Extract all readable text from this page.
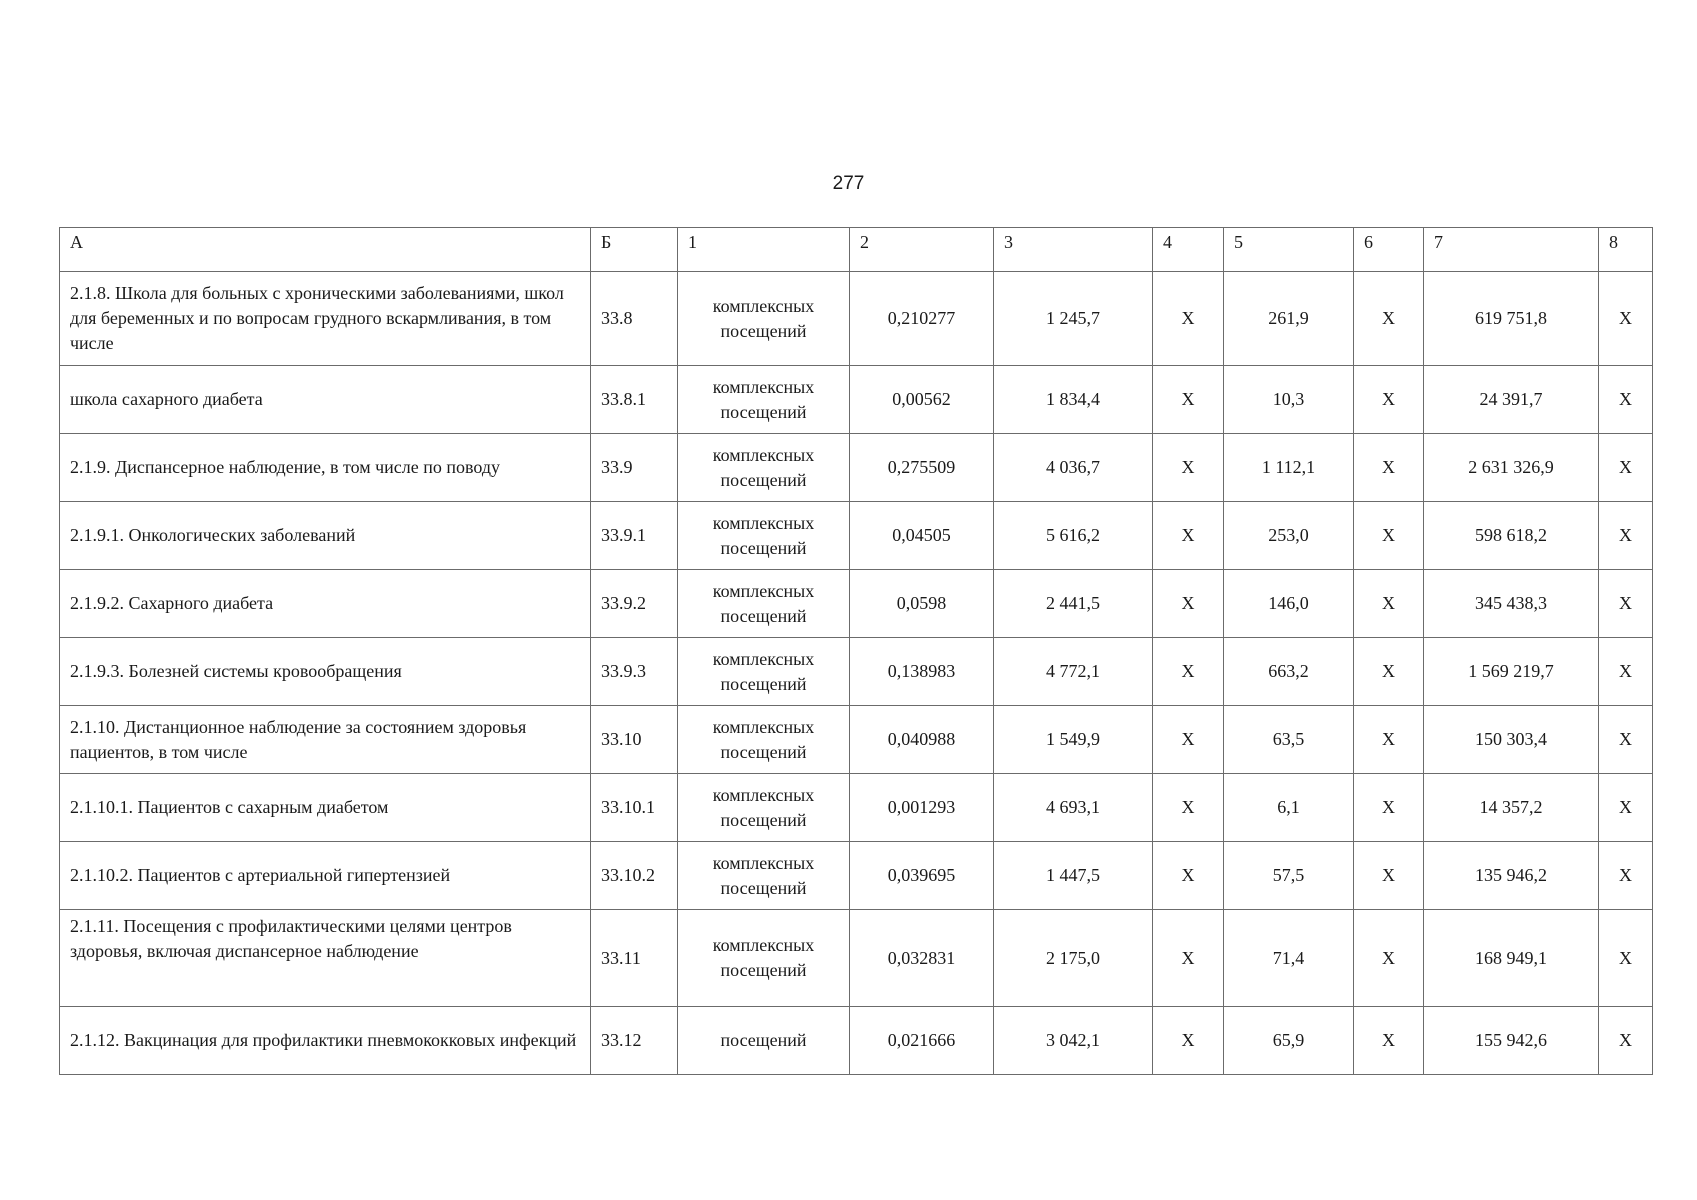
277
А	Б	1	2	3	4	5	6	7	8
2.1.8. Школа для больных с хроническими заболеваниями, школ для беременных и по вопросам грудного вскармливания, в том числе	33.8	комплексных посещений	0,210277	1 245,7	Х	261,9	Х	619 751,8	Х
школа сахарного диабета	33.8.1	комплексных посещений	0,00562	1 834,4	Х	10,3	Х	24 391,7	Х
2.1.9. Диспансерное наблюдение, в том числе по поводу	33.9	комплексных посещений	0,275509	4 036,7	Х	1 112,1	Х	2 631 326,9	Х
2.1.9.1. Онкологических заболеваний	33.9.1	комплексных посещений	0,04505	5 616,2	Х	253,0	Х	598 618,2	Х
2.1.9.2. Сахарного диабета	33.9.2	комплексных посещений	0,0598	2 441,5	Х	146,0	Х	345 438,3	Х
2.1.9.3. Болезней системы кровообращения	33.9.3	комплексных посещений	0,138983	4 772,1	Х	663,2	Х	1 569 219,7	Х
2.1.10. Дистанционное наблюдение за состоянием здоровья пациентов, в том числе	33.10	комплексных посещений	0,040988	1 549,9	Х	63,5	Х	150 303,4	Х
2.1.10.1. Пациентов с сахарным диабетом	33.10.1	комплексных посещений	0,001293	4 693,1	Х	6,1	Х	14 357,2	Х
2.1.10.2. Пациентов с артериальной гипертензией	33.10.2	комплексных посещений	0,039695	1 447,5	Х	57,5	Х	135 946,2	Х
2.1.11. Посещения с профилактическими целями центров здоровья, включая диспансерное наблюдение	33.11	комплексных посещений	0,032831	2 175,0	Х	71,4	Х	168 949,1	Х
2.1.12. Вакцинация для профилактики пневмококковых инфекций	33.12	посещений	0,021666	3 042,1	Х	65,9	Х	155 942,6	Х
